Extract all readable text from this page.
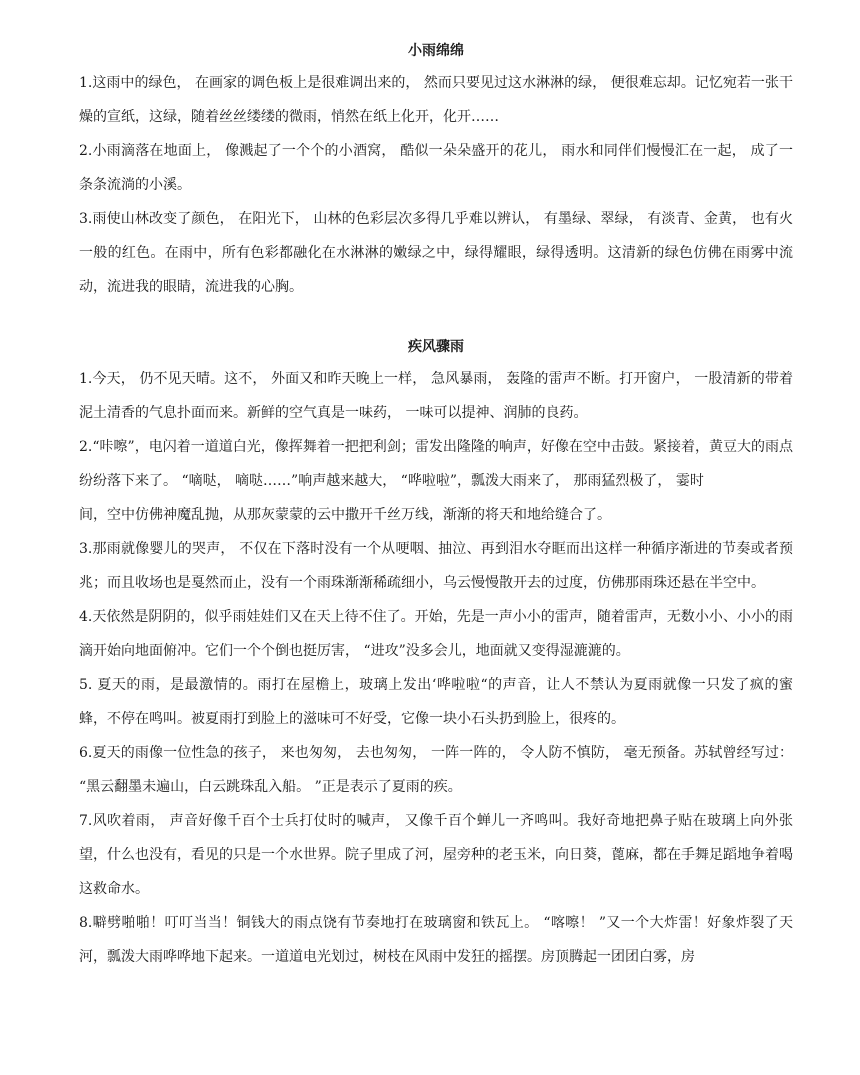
小雨绵绵

1.这雨中的绿色， 在画家的调色板上是很难调出来的， 然而只要见过这水淋淋的绿， 便很难忘却。记忆宛若一张干燥的宣纸，这绿，随着丝丝缕缕的微雨，悄然在纸上化开，化开……

2.小雨滴落在地面上， 像溅起了一个个的小酒窝， 酷似一朵朵盛开的花儿， 雨水和同伴们慢慢汇在一起， 成了一条条流淌的小溪。

3.雨使山林改变了颜色， 在阳光下， 山林的色彩层次多得几乎难以辨认， 有墨绿、翠绿， 有淡青、金黄， 也有火一般的红色。在雨中，所有色彩都融化在水淋淋的嫩绿之中，绿得耀眼，绿得透明。这清新的绿色仿佛在雨雾中流动，流进我的眼睛，流进我的心胸。

疾风骤雨

1.今天， 仍不见天晴。这不， 外面又和昨天晚上一样， 急风暴雨， 轰隆的雷声不断。打开窗户， 一股清新的带着泥土清香的气息扑面而来。新鲜的空气真是一味药， 一味可以提神、润肺的良药。

2.“咔嚓”，电闪着一道道白光，像挥舞着一把把利剑；雷发出隆隆的响声，好像在空中击鼓。紧接着，黄豆大的雨点纷纷落下来了。 “嘀哒， 嘀哒……”响声越来越大， “哗啦啦”，瓢泼大雨来了， 那雨猛烈极了， 霎时

间，空中仿佛神魔乱抛，从那灰蒙蒙的云中撒开千丝万线，渐渐的将天和地给缝合了。

3.那雨就像婴儿的哭声， 不仅在下落时没有一个从哽咽、抽泣、再到泪水夺眶而出这样一种循序渐进的节奏或者预兆；而且收场也是戛然而止，没有一个雨珠渐渐稀疏细小，乌云慢慢散开去的过度，仿佛那雨珠还悬在半空中。

4.天依然是阴阴的，似乎雨娃娃们又在天上待不住了。开始，先是一声小小的雷声，随着雷声，无数小小、小小的雨滴开始向地面俯冲。它们一个个倒也挺厉害， “进攻”没多会儿，地面就又变得湿漉漉的。

5. 夏天的雨，是最激情的。雨打在屋檐上，玻璃上发出‘哗啦啦“的声音，让人不禁认为夏雨就像一只发了疯的蜜蜂，不停在鸣叫。被夏雨打到脸上的滋味可不好受，它像一块小石头扔到脸上，很疼的。

6.夏天的雨像一位性急的孩子， 来也匆匆， 去也匆匆， 一阵一阵的， 令人防不慎防， 毫无预备。苏轼曾经写过： “黑云翻墨未遍山，白云跳珠乱入船。 ”正是表示了夏雨的疾。

7.风吹着雨， 声音好像千百个士兵打仗时的喊声， 又像千百个蝉儿一齐鸣叫。我好奇地把鼻子贴在玻璃上向外张望，什么也没有，看见的只是一个水世界。院子里成了河，屋旁种的老玉米，向日葵，蓖麻，都在手舞足蹈地争着喝这救命水。

8.噼劈啪啪！叮叮当当！铜钱大的雨点饶有节奏地打在玻璃窗和铁瓦上。 “喀嚓！ ”又一个大炸雷！好象炸裂了天河，瓢泼大雨哗哗地下起来。一道道电光划过，树枝在风雨中发狂的摇摆。房顶腾起一团团白雾，房
